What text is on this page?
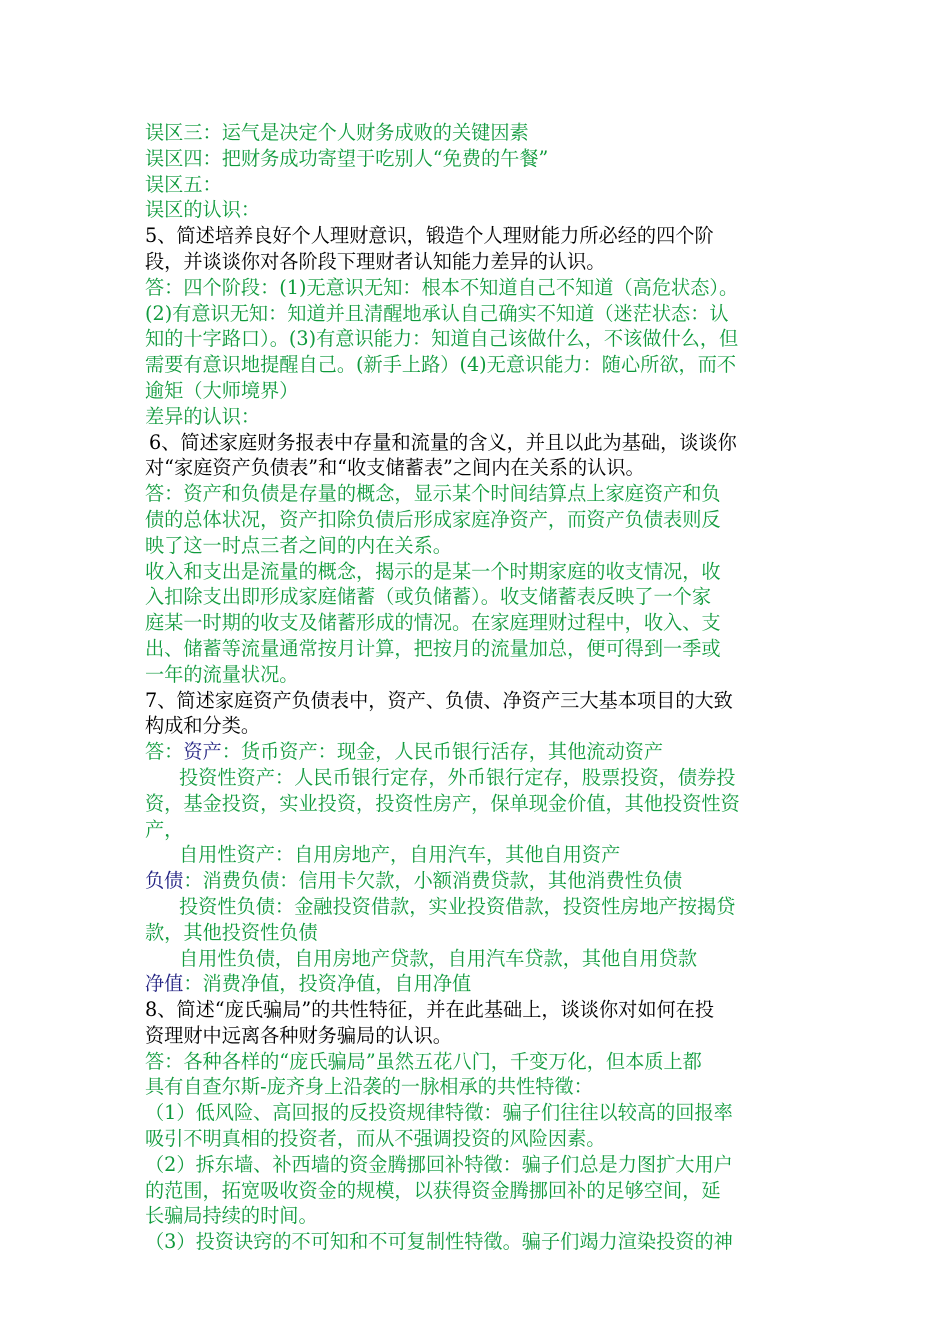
误区三：运气是决定个人财务成败的关键因素
误区四：把财务成功寄望于吃别人“免费的午餐”
误区五：
误区的认识：
5、简述培养良好个人理财意识，锻造个人理财能力所必经的四个阶
段，并谈谈你对各阶段下理财者认知能力差异的认识。
答：四个阶段：(1)无意识无知：根本不知道自己不知道（高危状态）。
(2)有意识无知：知道并且清醒地承认自己确实不知道（迷茫状态：认
知的十字路口）。(3)有意识能力：知道自己该做什么，不该做什么，但
需要有意识地提醒自己。(新手上路）(4)无意识能力：随心所欲，而不
逾矩（大师境界）
差异的认识：
6、简述家庭财务报表中存量和流量的含义，并且以此为基础，谈谈你
对“家庭资产负债表”和“收支储蓄表”之间内在关系的认识。
答：资产和负债是存量的概念，显示某个时间结算点上家庭资产和负
债的总体状况，资产扣除负债后形成家庭净资产，而资产负债表则反
映了这一时点三者之间的内在关系。
收入和支出是流量的概念，揭示的是某一个时期家庭的收支情况，收
入扣除支出即形成家庭储蓄（或负储蓄）。收支储蓄表反映了一个家
庭某一时期的收支及储蓄形成的情况。在家庭理财过程中，收入、支
出、储蓄等流量通常按月计算，把按月的流量加总，便可得到一季或
一年的流量状况。
7、简述家庭资产负债表中，资产、负债、净资产三大基本项目的大致
构成和分类。
答：资产：货币资产：现金，人民币银行活存，其他流动资产
投资性资产：人民币银行定存，外币银行定存，股票投资，债券投
资，基金投资，实业投资，投资性房产，保单现金价值，其他投资性资
产，
自用性资产：自用房地产，自用汽车，其他自用资产
负债：消费负债：信用卡欠款，小额消费贷款，其他消费性负债
投资性负债：金融投资借款，实业投资借款，投资性房地产按揭贷
款，其他投资性负债
自用性负债，自用房地产贷款，自用汽车贷款，其他自用贷款
净值：消费净值，投资净值，自用净值
8、简述“庞氏骗局”的共性特征，并在此基础上，谈谈你对如何在投
资理财中远离各种财务骗局的认识。
答：各种各样的“庞氏骗局”虽然五花八门，千变万化，但本质上都
具有自查尔斯-庞齐身上沿袭的一脉相承的共性特徵：
（1）低风险、高回报的反投资规律特徵：骗子们往往以较高的回报率
吸引不明真相的投资者，而从不强调投资的风险因素。
（2）拆东墙、补西墙的资金腾挪回补特徵：骗子们总是力图扩大用户
的范围，拓宽吸收资金的规模，以获得资金腾挪回补的足够空间，延
长骗局持续的时间。
（3）投资诀窍的不可知和不可复制性特徵。骗子们竭力渲染投资的神
